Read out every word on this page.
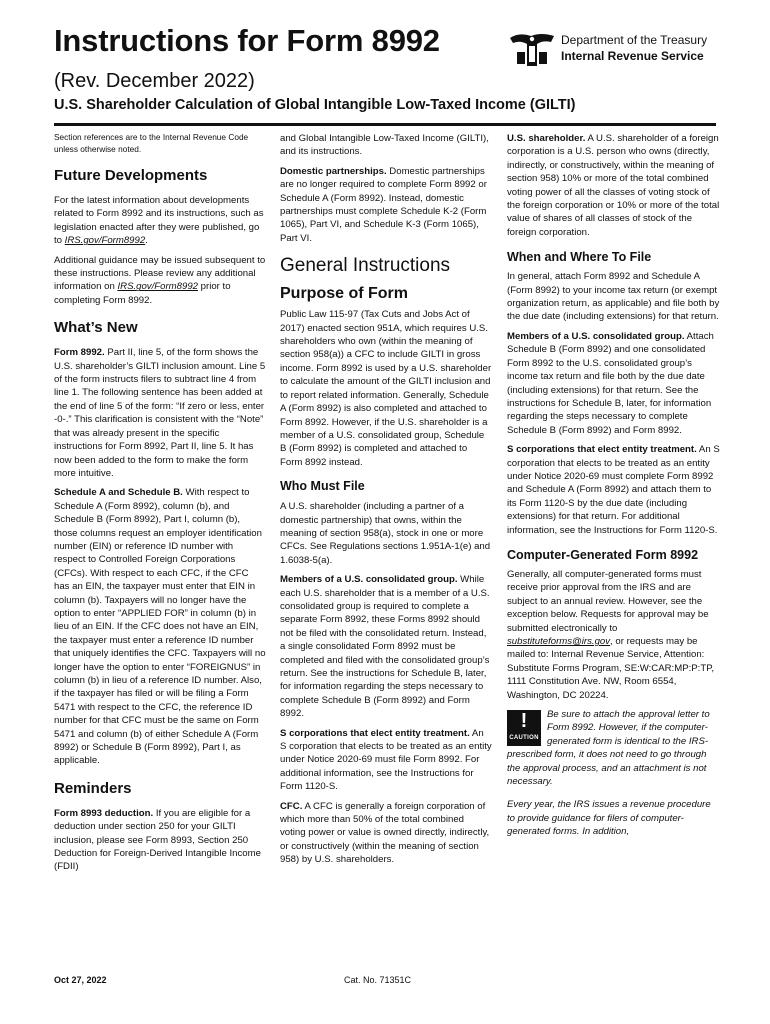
Instructions for Form 8992
(Rev. December 2022)
U.S. Shareholder Calculation of Global Intangible Low-Taxed Income (GILTI)
Department of the Treasury
Internal Revenue Service

Section references are to the Internal Revenue Code unless otherwise noted.

Future Developments

For the latest information about developments related to Form 8992 and its instructions, such as legislation enacted after they were published, go to IRS.gov/Form8992.

Additional guidance may be issued subsequent to these instructions. Please review any additional information on IRS.gov/Form8992 prior to completing Form 8992.

What’s New

Form 8992. Part II, line 5, of the form shows the U.S. shareholder’s GILTI inclusion amount. Line 5 of the form instructs filers to subtract line 4 from line 1. The following sentence has been added at the end of line 5 of the form: “If zero or less, enter -0-.” This clarification is consistent with the “Note” that was already present in the specific instructions for Form 8992, Part II, line 5. It has now been added to the form to make the form more intuitive.

Schedule A and Schedule B. With respect to Schedule A (Form 8992), column (b), and Schedule B (Form 8992), Part I, column (b), those columns request an employer identification number (EIN) or reference ID number with respect to Controlled Foreign Corporations (CFCs). With respect to each CFC, if the CFC has an EIN, the taxpayer must enter that EIN in column (b). Taxpayers will no longer have the option to enter “APPLIED FOR” in column (b) in lieu of an EIN. If the CFC does not have an EIN, the taxpayer must enter a reference ID number that uniquely identifies the CFC. Taxpayers will no longer have the option to enter “FOREIGNUS” in column (b) in lieu of a reference ID number. Also, if the taxpayer has filed or will be filing a Form 5471 with respect to the CFC, the reference ID number for that CFC must be the same on Form 5471 and column (b) of either Schedule A (Form 8992) or Schedule B (Form 8992), Part I, as applicable.

Reminders

Form 8993 deduction. If you are eligible for a deduction under section 250 for your GILTI inclusion, please see Form 8993, Section 250 Deduction for Foreign-Derived Intangible Income (FDII)

and Global Intangible Low-Taxed Income (GILTI), and its instructions.

Domestic partnerships. Domestic partnerships are no longer required to complete Form 8992 or Schedule A (Form 8992). Instead, domestic partnerships must complete Schedule K-2 (Form 1065), Part VI, and Schedule K-3 (Form 1065), Part VI.

General Instructions
Purpose of Form

Public Law 115-97 (Tax Cuts and Jobs Act of 2017) enacted section 951A, which requires U.S. shareholders who own (within the meaning of section 958(a)) a CFC to include GILTI in gross income. Form 8992 is used by a U.S. shareholder to calculate the amount of the GILTI inclusion and to report related information. Generally, Schedule A (Form 8992) is also completed and attached to Form 8992. However, if the U.S. shareholder is a member of a U.S. consolidated group, Schedule B (Form 8992) is completed and attached to Form 8992 instead.

Who Must File

A U.S. shareholder (including a partner of a domestic partnership) that owns, within the meaning of section 958(a), stock in one or more CFCs. See Regulations sections 1.951A-1(e) and 1.6038-5(a).

Members of a U.S. consolidated group. While each U.S. shareholder that is a member of a U.S. consolidated group is required to complete a separate Form 8992, these Forms 8992 should not be filed with the consolidated return. Instead, a single consolidated Form 8992 must be completed and filed with the consolidated group’s return. See the instructions for Schedule B, later, for information regarding the steps necessary to complete Schedule B (Form 8992) and Form 8992.

S corporations that elect entity treatment. An S corporation that elects to be treated as an entity under Notice 2020-69 must file Form 8992. For additional information, see the Instructions for Form 1120-S.

CFC. A CFC is generally a foreign corporation of which more than 50% of the total combined voting power or value is owned directly, indirectly, or constructively (within the meaning of section 958) by U.S. shareholders.

U.S. shareholder. A U.S. shareholder of a foreign corporation is a U.S. person who owns (directly, indirectly, or constructively, within the meaning of section 958) 10% or more of the total combined voting power of all the classes of voting stock of the foreign corporation or 10% or more of the total value of shares of all classes of stock of the foreign corporation.

When and Where To File

In general, attach Form 8992 and Schedule A (Form 8992) to your income tax return (or exempt organization return, as applicable) and file both by the due date (including extensions) for that return.

Members of a U.S. consolidated group. Attach Schedule B (Form 8992) and one consolidated Form 8992 to the U.S. consolidated group’s income tax return and file both by the due date (including extensions) for that return. See the instructions for Schedule B, later, for information regarding the steps necessary to complete Schedule B (Form 8992) and Form 8992.

S corporations that elect entity treatment. An S corporation that elects to be treated as an entity under Notice 2020-69 must complete Form 8992 and Schedule A (Form 8992) and attach them to its Form 1120-S by the due date (including extensions) for that return. For additional information, see the Instructions for Form 1120-S.

Computer-Generated Form 8992

Generally, all computer-generated forms must receive prior approval from the IRS and are subject to an annual review. However, see the exception below. Requests for approval may be submitted electronically to substituteforms@irs.gov, or requests may be mailed to: Internal Revenue Service, Attention: Substitute Forms Program, SE:W:CAR:MP:P:TP, 1111 Constitution Ave. NW, Room 6554, Washington, DC 20224.

!
CAUTION

Be sure to attach the approval letter to Form 8992. However, if the computer-generated form is identical to the IRS-prescribed form, it does not need to go through the approval process, and an attachment is not necessary.

Every year, the IRS issues a revenue procedure to provide guidance for filers of computer-generated forms. In addition,

Oct 27, 2022	Cat. No. 71351C
